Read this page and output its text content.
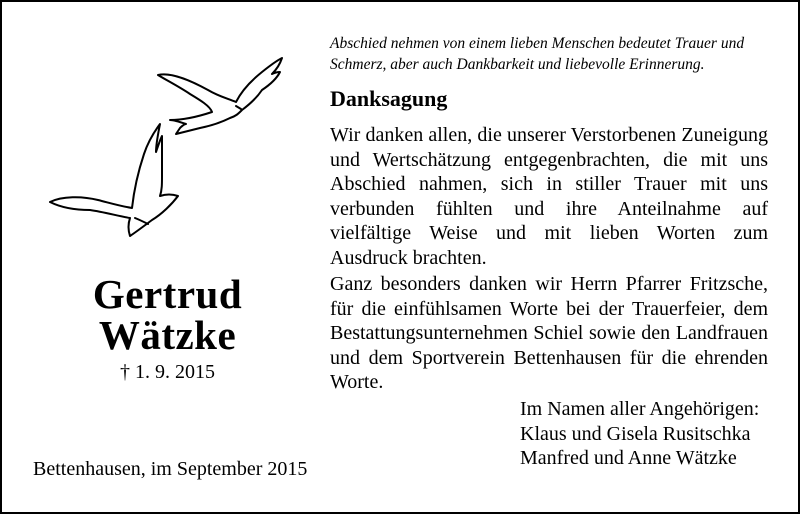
Gertrud
Wätzke
† 1. 9. 2015
Bettenhausen, im September 2015
Abschied nehmen von einem lieben Menschen bedeutet Trauer und Schmerz, aber auch Dankbarkeit und liebevolle Erinnerung.
Danksagung
Wir danken allen, die unserer Verstorbenen Zuneigung und Wertschätzung entgegenbrachten, die mit uns Abschied nahmen, sich in stiller Trauer mit uns verbunden fühlten und ihre Anteilnahme auf vielfältige Weise und mit lieben Worten zum Ausdruck brachten.
Ganz besonders danken wir Herrn Pfarrer Fritzsche, für die einfühlsamen Worte bei der Trauerfeier, dem Bestattungsunternehmen Schiel sowie den Landfrauen und dem Sportverein Bettenhausen für die ehrenden Worte.
Im Namen aller Angehörigen:
Klaus und Gisela Rusitschka
Manfred und Anne Wätzke
